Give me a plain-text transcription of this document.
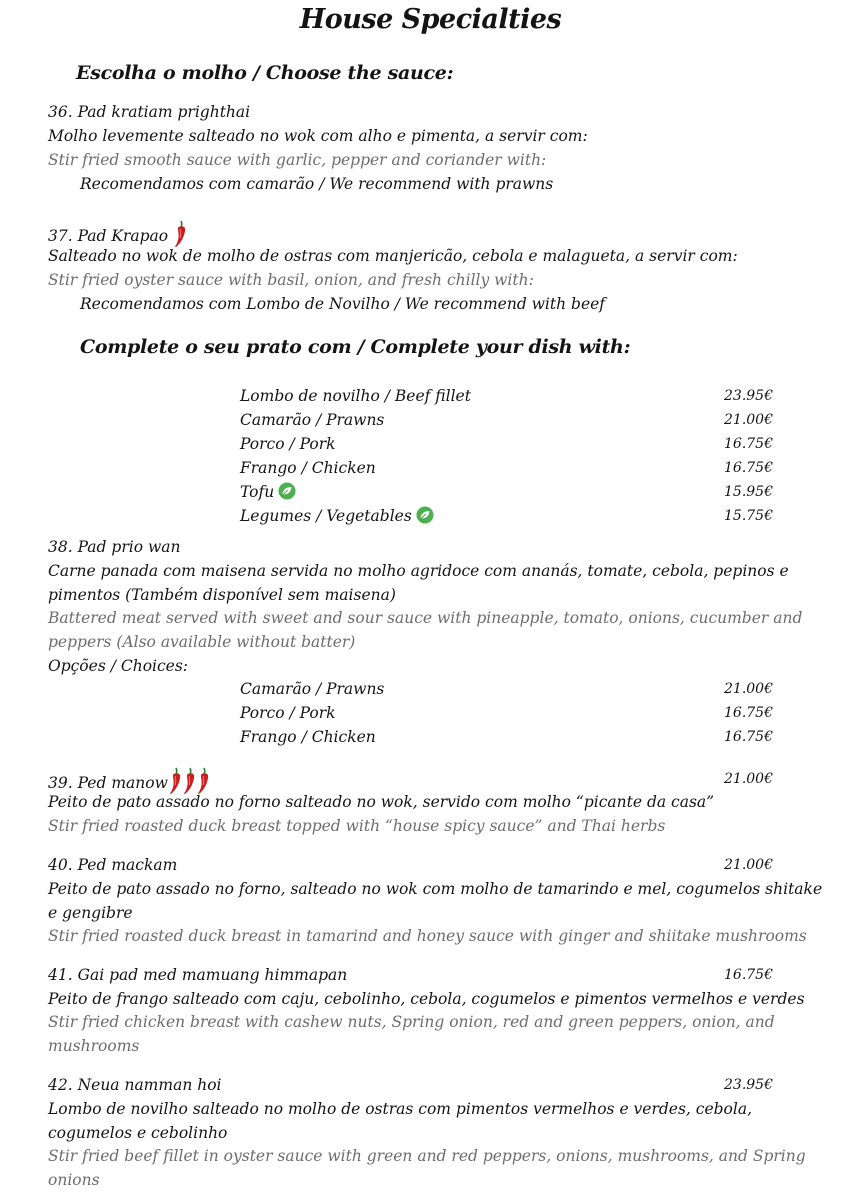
House Specialties
Escolha o molho / Choose the sauce:
36. Pad kratiam prighthai
Molho levemente salteado no wok com alho e pimenta, a servir com:
Stir fried smooth sauce with garlic, pepper and coriander with:
Recomendamos com camarão / We recommend with prawns
37. Pad Krapao
Salteado no wok de molho de ostras com manjericão, cebola e malagueta, a servir com:
Stir fried oyster sauce with basil, onion, and fresh chilly with:
Recomendamos com Lombo de Novilho / We recommend with beef
Complete o seu prato com / Complete your dish with:
Lombo de novilho / Beef fillet	23.95€
Camarão / Prawns	21.00€
Porco / Pork	16.75€
Frango / Chicken	16.75€
Tofu	15.95€
Legumes / Vegetables	15.75€
38. Pad prio wan
Carne panada com maisena servida no molho agridoce com ananás, tomate, cebola, pepinos e
pimentos (Também disponível sem maisena)
Battered meat served with sweet and sour sauce with pineapple, tomato, onions, cucumber and
peppers (Also available without batter)
Opções / Choices:
Camarão / Prawns	21.00€
Porco / Pork	16.75€
Frango / Chicken	16.75€
39. Ped manow	21.00€
Peito de pato assado no forno salteado no wok, servido com molho “picante da casa”
Stir fried roasted duck breast topped with “house spicy sauce” and Thai herbs
40. Ped mackam	21.00€
Peito de pato assado no forno, salteado no wok com molho de tamarindo e mel, cogumelos shitake
e gengibre
Stir fried roasted duck breast in tamarind and honey sauce with ginger and shiitake mushrooms
41. Gai pad med mamuang himmapan	16.75€
Peito de frango salteado com caju, cebolinho, cebola, cogumelos e pimentos vermelhos e verdes
Stir fried chicken breast with cashew nuts, Spring onion, red and green peppers, onion, and
mushrooms
42. Neua namman hoi	23.95€
Lombo de novilho salteado no molho de ostras com pimentos vermelhos e verdes, cebola,
cogumelos e cebolinho
Stir fried beef fillet in oyster sauce with green and red peppers, onions, mushrooms, and Spring
onions
